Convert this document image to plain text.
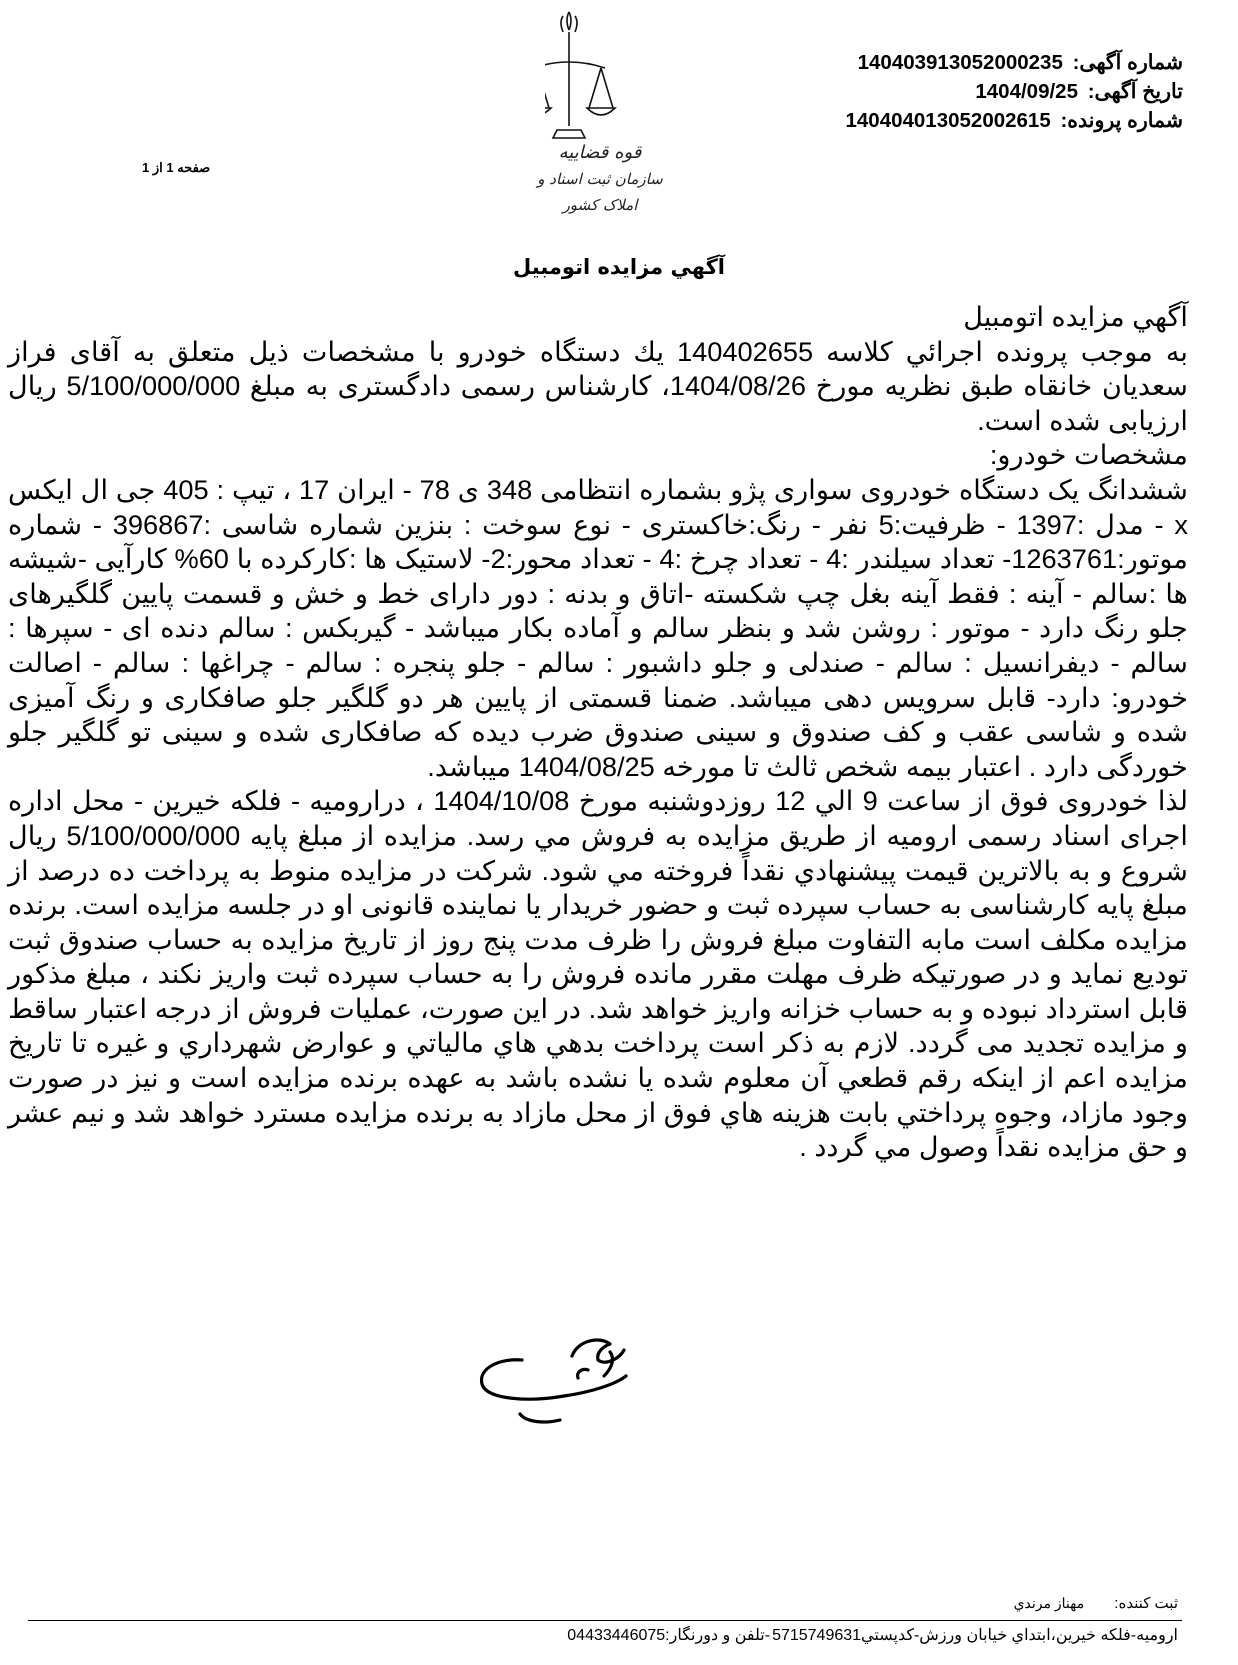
قوه قضاییه
سازمان ثبت اسناد و املاک کشور
شماره آگهی: 140403913052000235
تاریخ آگهی: 1404/09/25
شماره پرونده: 140404013052002615
صفحه 1 از 1
آگهي مزايده اتومبيل

آگهي مزايده اتومبيل

به موجب پرونده اجرائي كلاسه 140402655 يك دستگاه خودرو با مشخصات ذيل متعلق به آقای فراز سعدیان خانقاه طبق نظريه مورخ 1404/08/26، کارشناس رسمی دادگستری به مبلغ 5/100/000/000 ريال ارزيابی شده است.

مشخصات خودرو:

ششدانگ یک دستگاه خودروی سواری پژو بشماره انتظامی 348 ی 78 - ایران 17 ، تیپ : 405 جی ال ایکس x - مدل :1397 - ظرفیت:5 نفر - رنگ:خاکستری - نوع سوخت : بنزین شماره شاسی :396867 - شماره موتور:1263761- تعداد سیلندر :4 - تعداد چرخ :4 - تعداد محور:2- لاستیک ها :کارکرده با 60% کارآیی -شیشه ها :سالم - آینه : فقط آینه بغل چپ شکسته -اتاق و بدنه : دور دارای خط و خش و قسمت پایین گلگیرهای جلو رنگ دارد - موتور : روشن شد و بنظر سالم و آماده بکار میباشد - گیربکس : سالم دنده ای - سپرها : سالم - دیفرانسیل : سالم - صندلی و جلو داشبور : سالم - جلو پنجره : سالم - چراغها : سالم - اصالت خودرو: دارد- قابل سرویس دهی میباشد. ضمنا قسمتی از پایین هر دو گلگیر جلو صافکاری و رنگ آمیزی شده و شاسی عقب و کف صندوق و سینی صندوق ضرب دیده که صافکاری شده و سینی تو گلگیر جلو خوردگی دارد . اعتبار بیمه شخص ثالث تا مورخه 1404/08/25 میباشد.

لذا خودروی فوق از ساعت 9 الي 12 روزدوشنبه مورخ 1404/10/08 ، درارومیه - فلکه خیرین - محل اداره اجرای اسناد رسمی ارومیه از طريق مزايده به فروش مي رسد. مزايده از مبلغ پايه 5/100/000/000 ريال شروع و به بالاترين قيمت پيشنهادي نقداً فروخته مي شود. شرکت در مزایده منوط به پرداخت ده درصد از مبلغ پایه کارشناسی به حساب سپرده ثبت و حضور خریدار یا نماینده قانونی او در جلسه مزایده است. برنده مزایده مکلف است مابه التفاوت مبلغ فروش را ظرف مدت پنج روز از تاریخ مزایده به حساب صندوق ثبت توديع نمايد و در صورتيکه ظرف مهلت مقرر مانده فروش را به حساب سپرده ثبت واریز نکند ، مبلغ مذکور قابل استرداد نبوده و به حساب خزانه واریز خواهد شد. در اين صورت، عمليات فروش از درجه اعتبار ساقط و مزايده تجديد می گردد. لازم به ذکر است پرداخت بدهي هاي مالياتي و عوارض شهرداري و غيره تا تاريخ مزايده اعم از اينکه رقم قطعي آن معلوم شده يا نشده باشد به عهده برنده مزايده است و نيز در صورت وجود مازاد، وجوه پرداختي بابت هزينه هاي فوق از محل مازاد به برنده مزايده مسترد خواهد شد و نيم عشر و حق مزايده نقداً وصول مي گردد .

ثبت کننده: مهناز مرندي
ارومیه-فلکه خيرين،ابتداي خيابان ورزش-کدپستي5715749631-تلفن و دورنگار:04433446075
